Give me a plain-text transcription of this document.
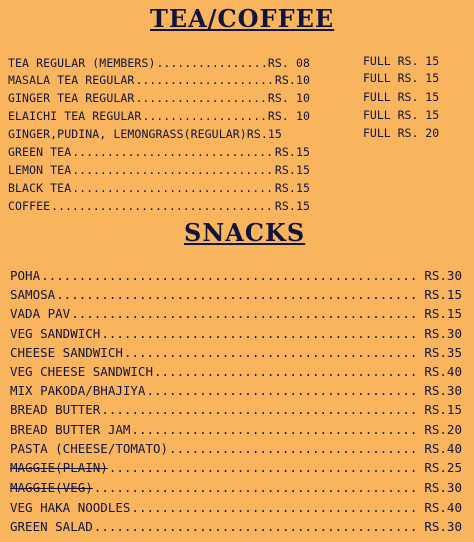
TEA/COFFEE
TEA REGULAR (MEMBERS) .....	..RS. 08	FULL RS. 15
MASALA TEA REGULAR .....	RS.10	FULL RS. 15
GINGER TEA REGULAR .....	RS. 10	FULL RS. 15
ELAICHI TEA REGULAR .....	RS. 10	FULL RS. 15
GINGER,PUDINA, LEMONGRASS(REGULAR) RS.15	FULL RS. 20
GREEN TEA .....	RS.15
LEMON TEA .....	RS.15
BLACK TEA .....	RS.15
COFFEE .....	RS.15
SNACKS
POHA .....	RS.30
SAMOSA .....	RS.15
VADA PAV .....	RS.15
VEG SANDWICH .....	RS.30
CHEESE SANDWICH .....	RS.35
VEG CHEESE SANDWICH .....	RS.40
MIX PAKODA/BHAJIYA .....	RS.30
BREAD BUTTER .....	RS.15
BREAD BUTTER JAM .....	RS.20
PASTA (CHEESE/TOMATO) .....	RS.40
MAGGIE(PLAIN) .....	RS.25
MAGGIE(VEG) .....	RS.30
VEG HAKA NOODLES .....	RS.40
GREEN SALAD .....	RS.30
